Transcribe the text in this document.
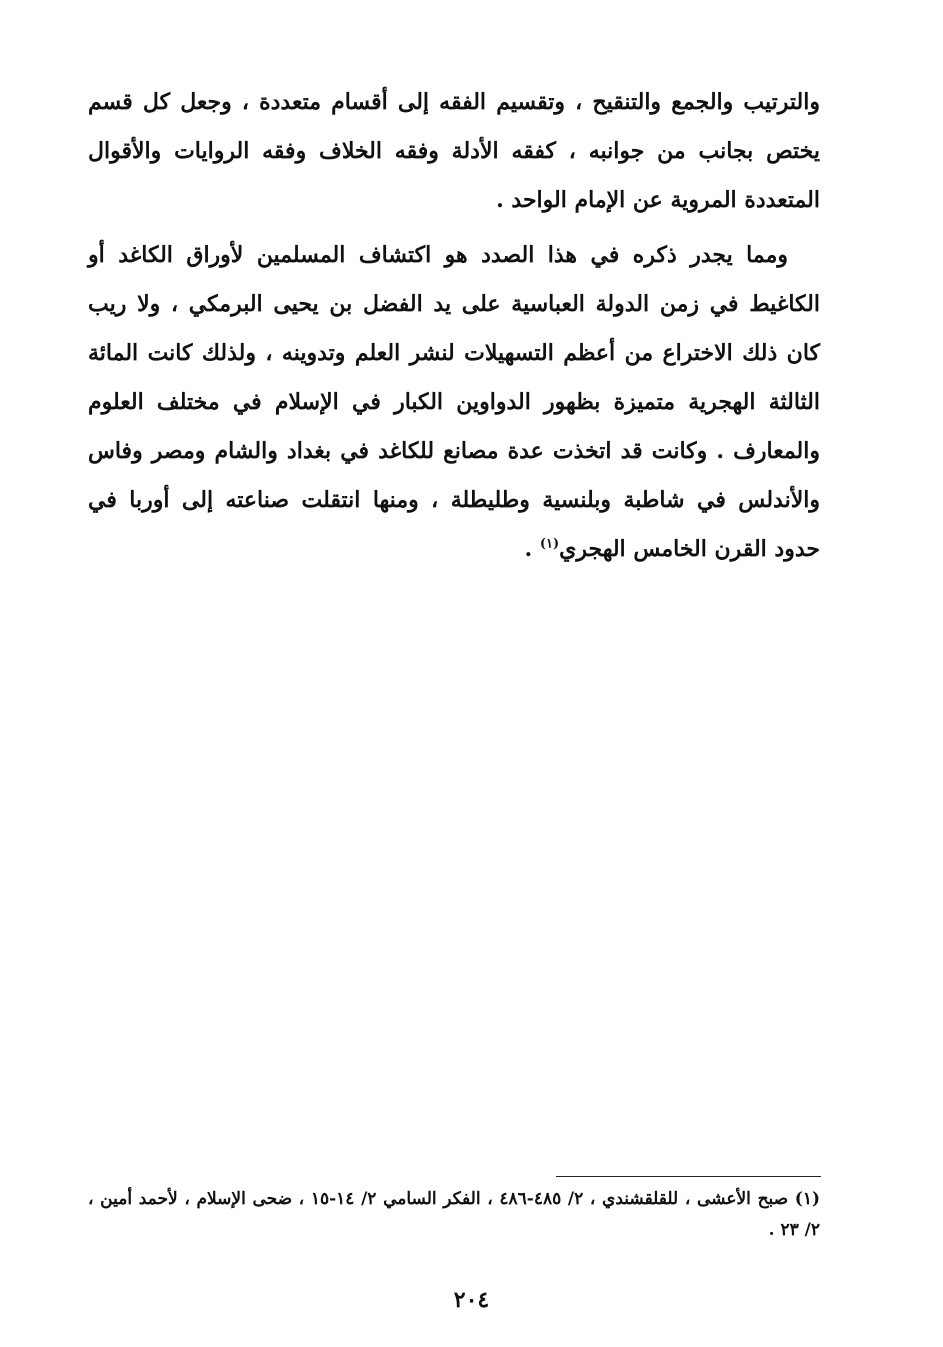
والترتيب والجمع والتنقيح ، وتقسيم الفقه إلى أقسام متعددة ، وجعل كل قسم يختص بجانب من جوانبه ، كفقه الأدلة وفقه الخلاف وفقه الروايات والأقوال المتعددة المروية عن الإمام الواحد .

ومما يجدر ذكره في هذا الصدد هو اكتشاف المسلمين لأوراق الكاغد أو الكاغيط في زمن الدولة العباسية على يد الفضل بن يحيى البرمكي ، ولا ريب كان ذلك الاختراع من أعظم التسهيلات لنشر العلم وتدوينه ، ولذلك كانت المائة الثالثة الهجرية متميزة بظهور الدواوين الكبار في الإسلام في مختلف العلوم والمعارف . وكانت قد اتخذت عدة مصانع للكاغد في بغداد والشام ومصر وفاس والأندلس في شاطبة وبلنسية وطليطلة ، ومنها انتقلت صناعته إلى أوربا في حدود القرن الخامس الهجري$^{(١)}$ .

(١) صبح الأعشى ، للقلقشندي ، ٢/ ٤٨٥-٤٨٦ ، الفكر السامي ٢/ ١٤-١٥ ، ضحى الإسلام ، لأحمد أمين ، ٢/ ٢٣ .
٢٠٤
